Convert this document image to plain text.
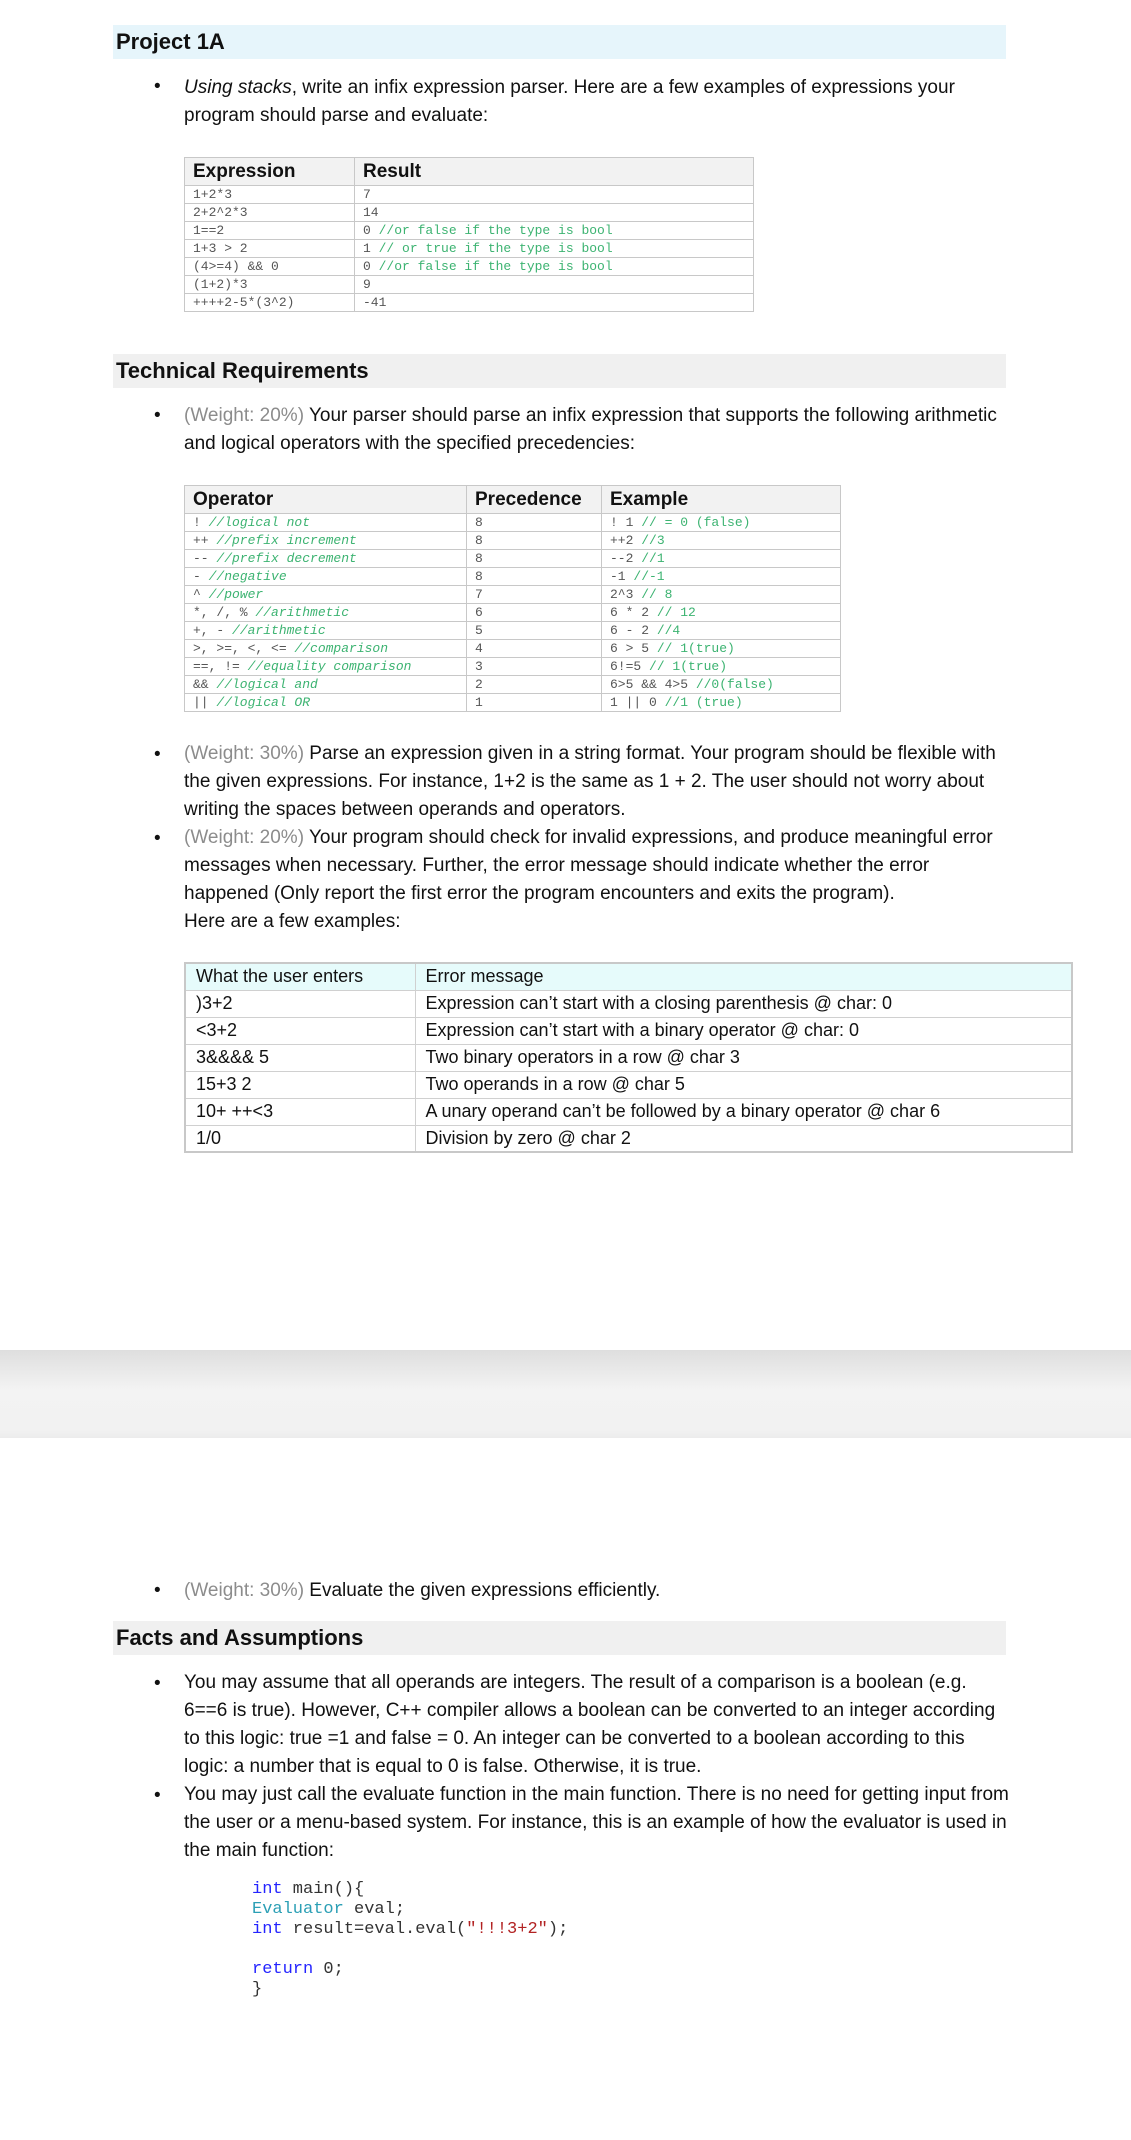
Project 1A
• Using stacks, write an infix expression parser. Here are a few examples of expressions your program should parse and evaluate:
Expression	Result
1+2*3	7
2+2^2*3	14
1==2	0 //or false if the type is bool
1+3 > 2	1 // or true if the type is bool
(4>=4) && 0	0 //or false if the type is bool
(1+2)*3	9
++++2-5*(3^2)	-41
Technical Requirements
• (Weight: 20%) Your parser should parse an infix expression that supports the following arithmetic and logical operators with the specified precedencies:
Operator	Precedence	Example
! //logical not	8	! 1 // = 0 (false)
++ //prefix increment	8	++2 //3
-- //prefix decrement	8	--2 //1
- //negative	8	-1 //-1
^ //power	7	2^3 // 8
*, /, % //arithmetic	6	6 * 2 // 12
+, - //arithmetic	5	6 - 2 //4
>, >=, <, <= //comparison	4	6 > 5 // 1(true)
==, != //equality comparison	3	6!=5 // 1(true)
&& //logical and	2	6>5 && 4>5 //0(false)
|| //logical OR	1	1 || 0 //1 (true)
• (Weight: 30%) Parse an expression given in a string format. Your program should be flexible with the given expressions. For instance, 1+2 is the same as 1 + 2. The user should not worry about writing the spaces between operands and operators.
• (Weight: 20%) Your program should check for invalid expressions, and produce meaningful error messages when necessary. Further, the error message should indicate whether the error happened (Only report the first error the program encounters and exits the program).
Here are a few examples:
What the user enters	Error message
)3+2	Expression can’t start with a closing parenthesis @ char: 0
<3+2	Expression can’t start with a binary operator @ char: 0
3&&&& 5	Two binary operators in a row @ char 3
15+3 2	Two operands in a row @ char 5
10+ ++<3	A unary operand can’t be followed by a binary operator @ char 6
1/0	Division by zero @ char 2
• (Weight: 30%) Evaluate the given expressions efficiently.
Facts and Assumptions
• You may assume that all operands are integers. The result of a comparison is a boolean (e.g. 6==6 is true). However, C++ compiler allows a boolean can be converted to an integer according to this logic: true =1 and false = 0. An integer can be converted to a boolean according to this logic: a number that is equal to 0 is false. Otherwise, it is true.
• You may just call the evaluate function in the main function. There is no need for getting input from the user or a menu-based system. For instance, this is an example of how the evaluator is used in the main function:
int main(){
Evaluator eval;
int result=eval.eval("!!!3+2");

return 0;
}
